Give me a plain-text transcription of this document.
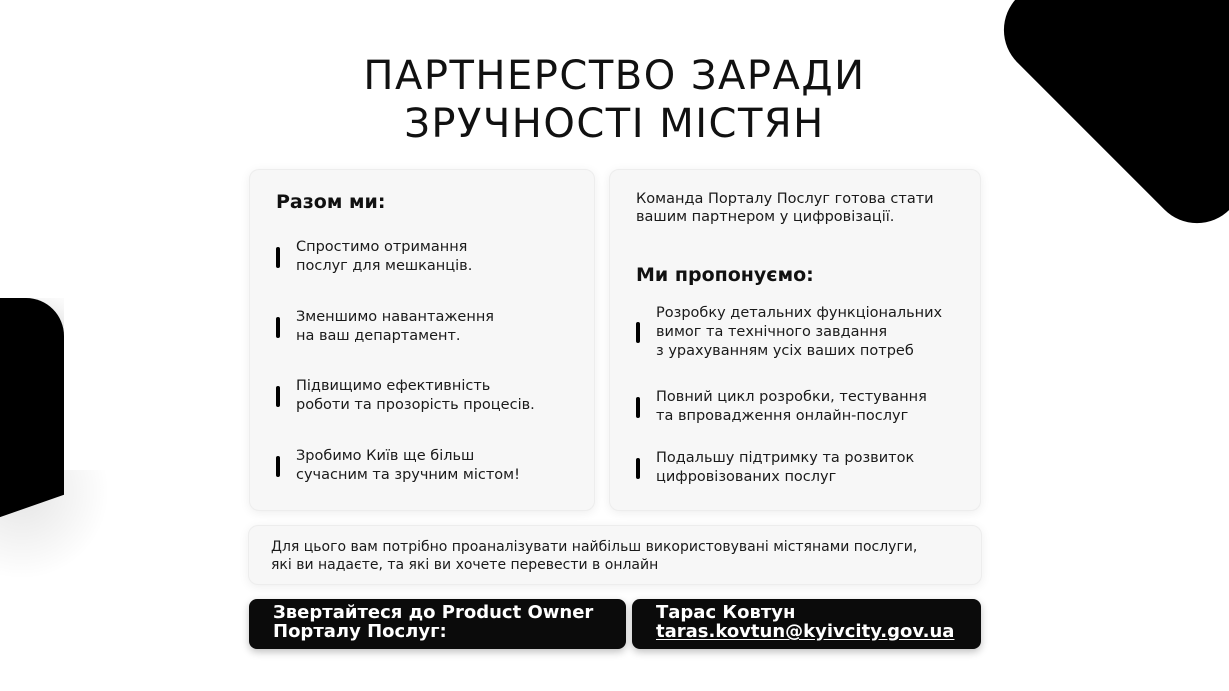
ПАРТНЕРСТВО ЗАРАДИ
ЗРУЧНОСТІ МІСТЯН
Разом ми:
Спростимо отримання
послуг для мешканців.
Зменшимо навантаження
на ваш департамент.
Підвищимо ефективність
роботи та прозорість процесів.
Зробимо Київ ще більш
сучасним та зручним містом!
Команда Порталу Послуг готова стати
вашим партнером у цифровізації.
Ми пропонуємо:
Розробку детальних функціональних
вимог та технічного завдання
з урахуванням усіх ваших потреб
Повний цикл розробки, тестування
та впровадження онлайн-послуг
Подальшу підтримку та розвиток
цифровізованих послуг
Для цього вам потрібно проаналізувати найбільш використовувані містянами послуги,
які ви надаєте, та які ви хочете перевести в онлайн
Звертайтеся до Product Owner
Порталу Послуг:
Тарас Ковтун
taras.kovtun@kyivcity.gov.ua
